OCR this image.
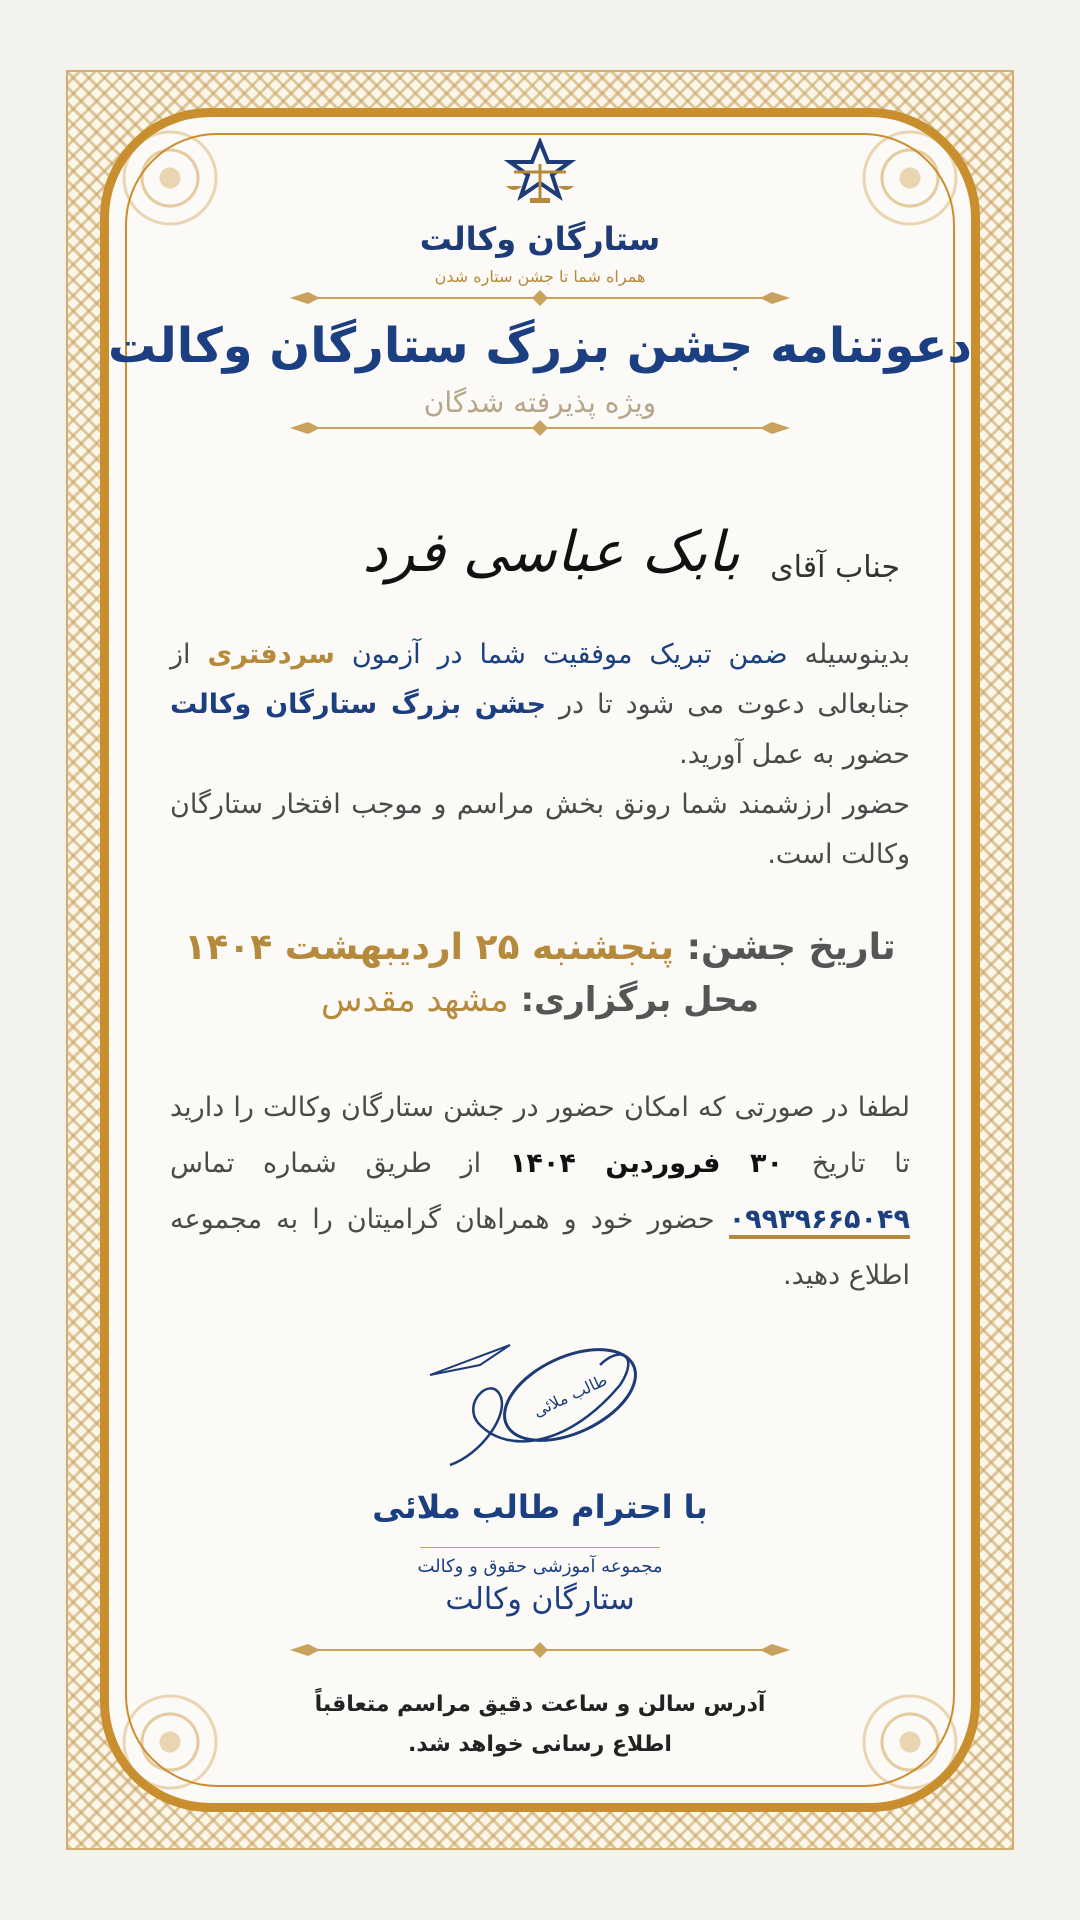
ستارگان وکالت
همراه شما تا جشن ستاره شدن
دعوتنامه جشن بزرگ ستارگان وکالت
ویژه پذیرفته شدگان
جناب آقای
بابک عباسی فرد
بدینوسیله ضمن تبریک موفقیت شما در آزمون سردفتری از جنابعالی دعوت می شود تا در جشن بزرگ ستارگان وکالت حضور به عمل آورید.
حضور ارزشمند شما رونق بخش مراسم و موجب افتخار ستارگان وکالت است.
تاریخ جشن: پنجشنبه ۲۵ اردیبهشت ۱۴۰۴
محل برگزاری: مشهد مقدس
لطفا در صورتی که امکان حضور در جشن ستارگان وکالت را دارید تا تاریخ ۳۰ فروردین ۱۴۰۴ از طریق شماره تماس ۰۹۹۳۹۶۶۵۰۴۹ حضور خود و همراهان گرامیتان را به مجموعه اطلاع دهید.
طالب ملائی
با احترام طالب ملائی
مجموعه آموزشی حقوق و وکالت
ستارگان وکالت
آدرس سالن و ساعت دقیق مراسم متعاقباً
اطلاع رسانی خواهد شد.
